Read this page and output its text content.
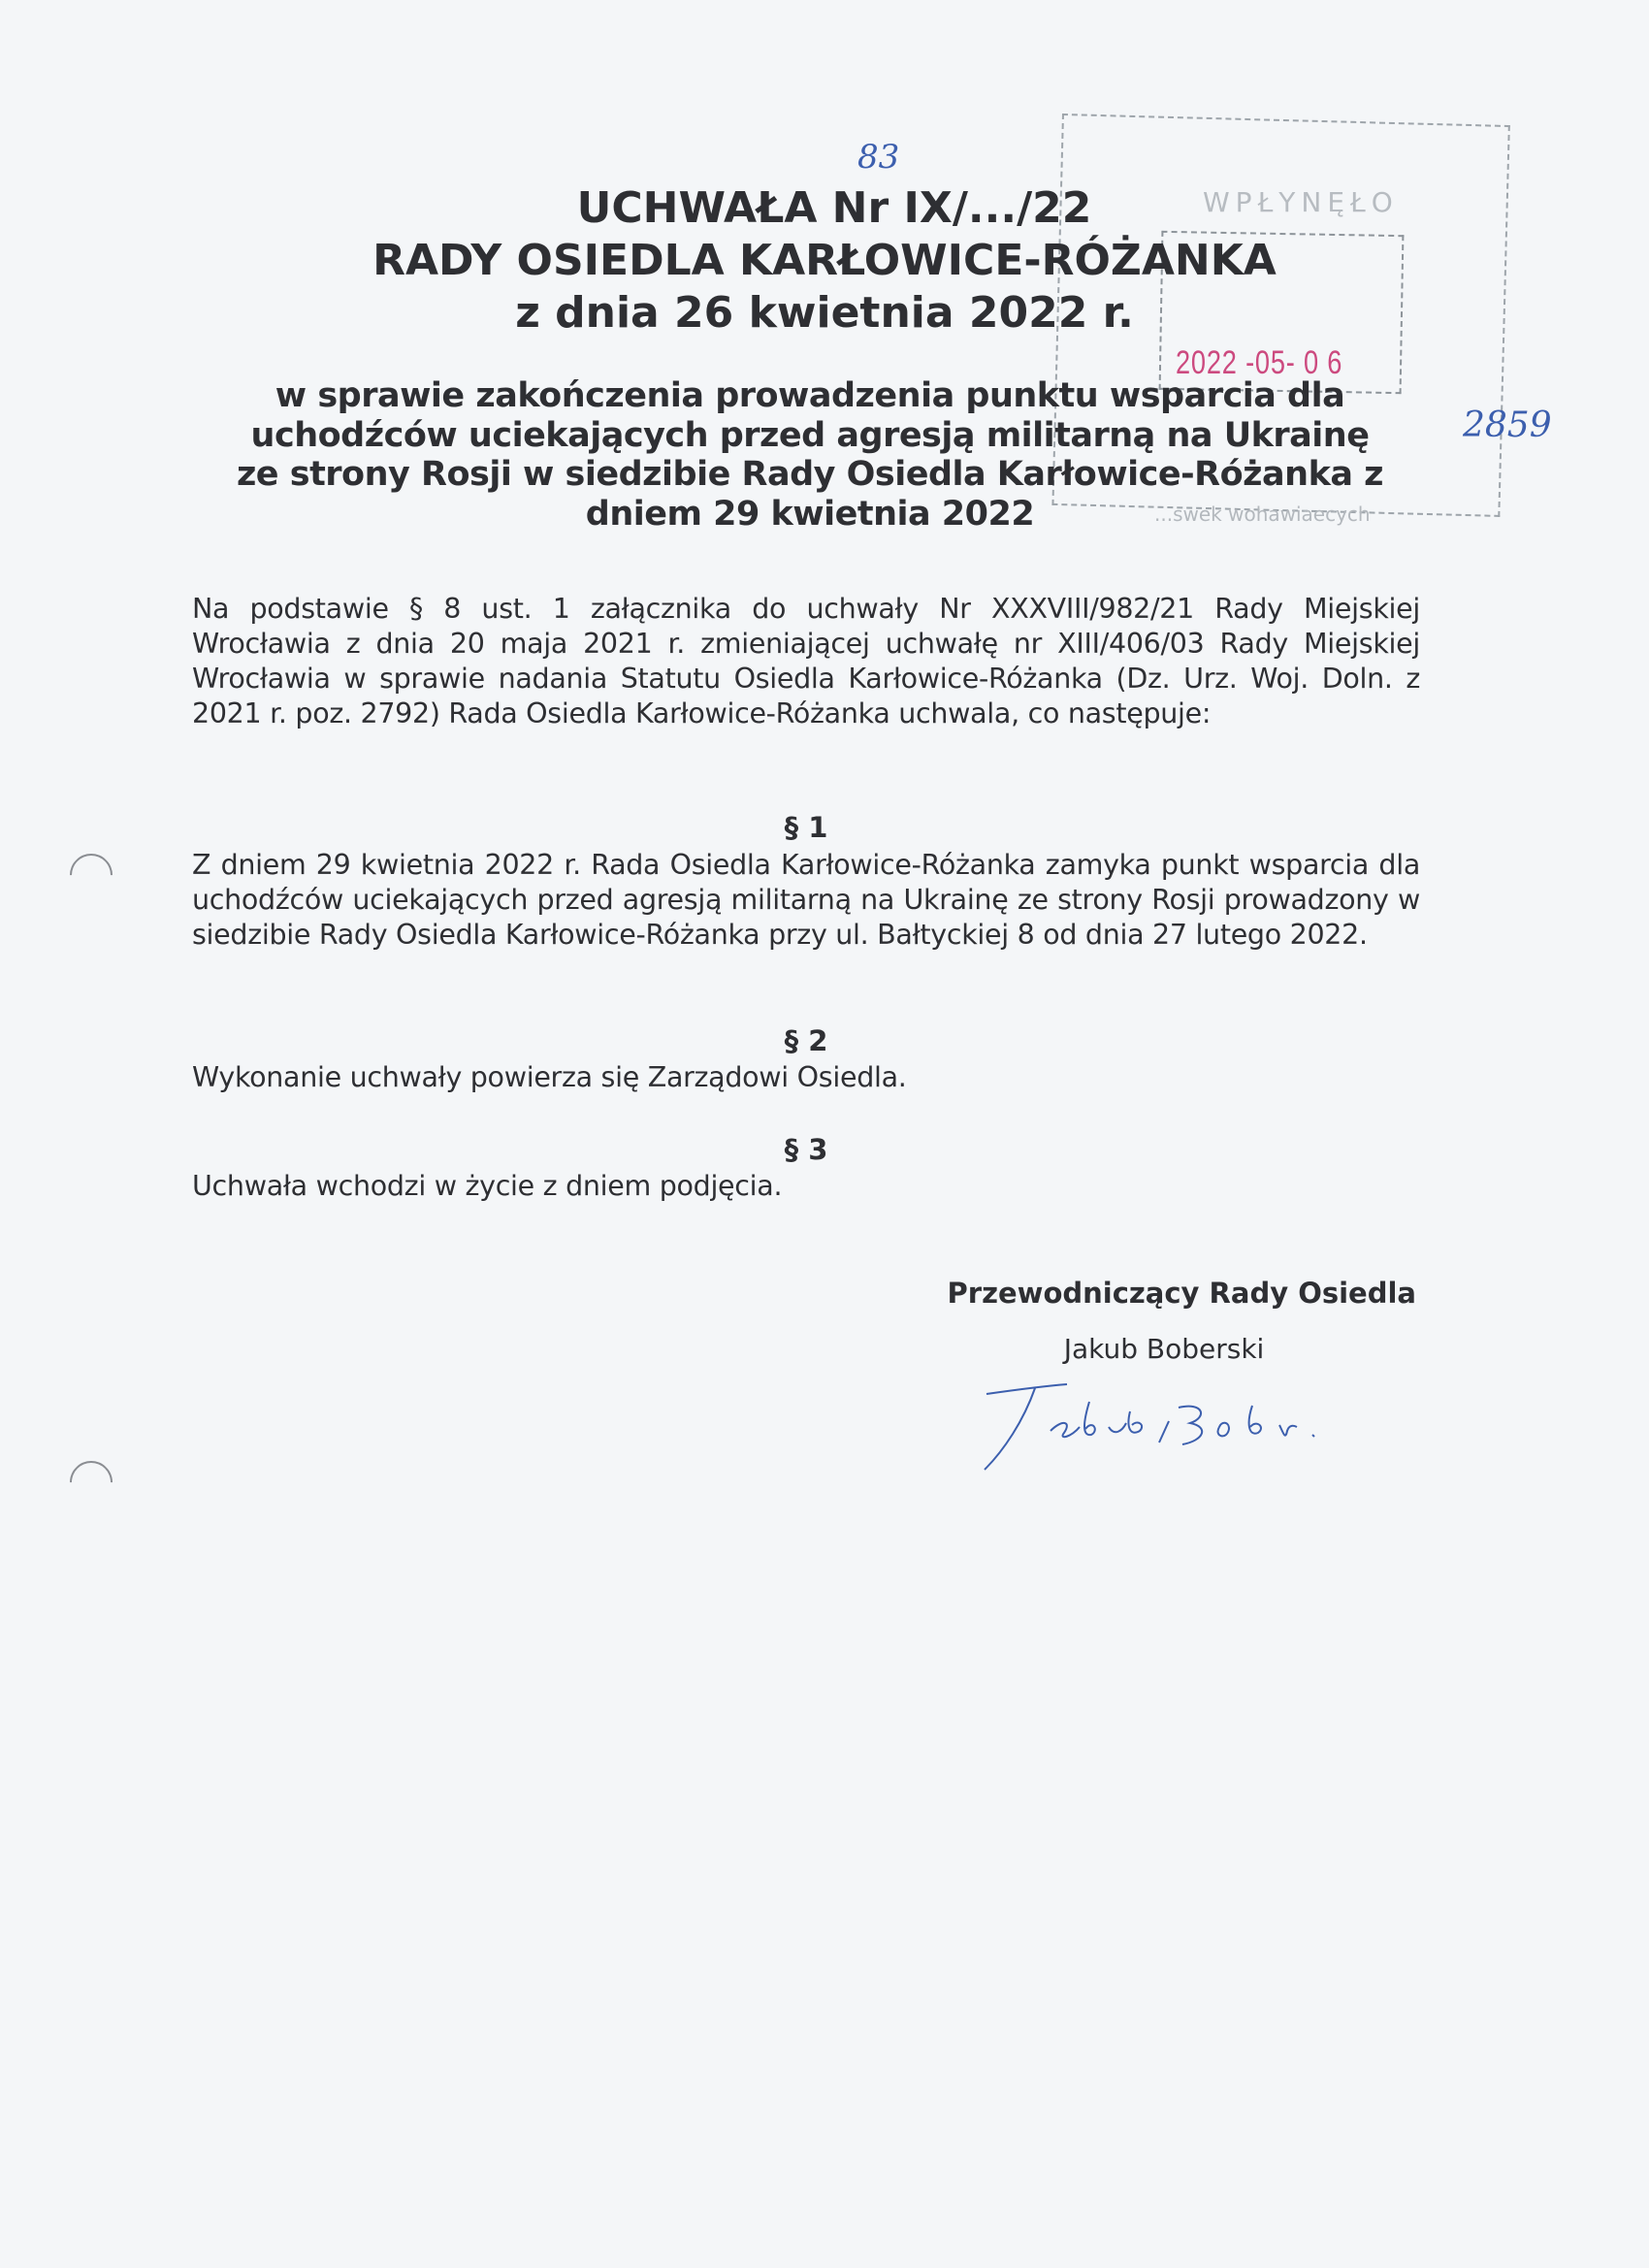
WPŁYNĘŁO
2022 -05- 0 6
...swek wohawiaecych
2859
83
UCHWAŁA Nr IX/.../22
RADY OSIEDLA KARŁOWICE-RÓŻANKA
z dnia 26 kwietnia 2022 r.
w sprawie zakończenia prowadzenia punktu wsparcia dla
uchodźców uciekających przed agresją militarną na Ukrainę
ze strony Rosji w siedzibie Rady Osiedla Karłowice-Różanka z
dniem 29 kwietnia 2022
Na podstawie § 8 ust. 1 załącznika do uchwały Nr XXXVIII/982/21 Rady Miejskiej Wrocławia z dnia 20 maja 2021 r. zmieniającej uchwałę nr XIII/406/03 Rady Miejskiej Wrocławia w sprawie nadania Statutu Osiedla Karłowice-Różanka (Dz. Urz. Woj. Doln. z 2021 r. poz. 2792) Rada Osiedla Karłowice-Różanka uchwala, co następuje:
§ 1
Z dniem 29 kwietnia 2022 r. Rada Osiedla Karłowice-Różanka zamyka punkt wsparcia dla uchodźców uciekających przed agresją militarną na Ukrainę ze strony Rosji prowadzony w siedzibie Rady Osiedla Karłowice-Różanka przy ul. Bałtyckiej 8 od dnia 27 lutego 2022.
§ 2
Wykonanie uchwały powierza się Zarządowi Osiedla.
§ 3
Uchwała wchodzi w życie z dniem podjęcia.
Przewodniczący Rady Osiedla
Jakub Boberski
